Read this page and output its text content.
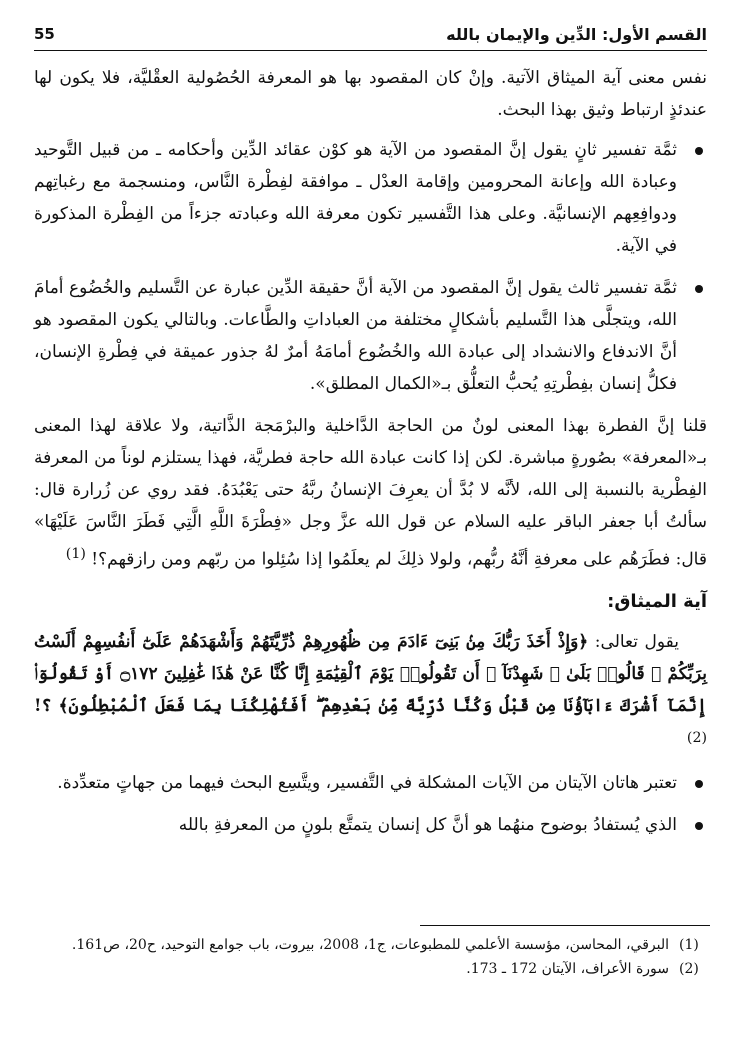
55	القسم الأول: الدِّين والإيمان بالله

نفس معنى آية الميثاق الآتية. وإنْ كان المقصود بها هو المعرفة الحُصُولية العقْليَّة، فلا يكون لها عندئذٍ ارتباط وثيق بهذا البحث.

ثمَّة تفسير ثانٍ يقول إنَّ المقصود من الآية هو كوْن عقائد الدِّين وأحكامه ـ من قبيل التَّوحيد وعبادة الله وإعانة المحرومين وإقامة العدْل ـ موافقة لفِطْرة النَّاس، ومنسجمة مع رغباتِهم ودوافِعِهم الإنسانيَّة. وعلى هذا التَّفسير تكون معرفة الله وعبادته جزءاً من الفِطْرة المذكورة في الآية.
ثمَّة تفسير ثالث يقول إنَّ المقصود من الآية أنَّ حقيقة الدِّين عبارة عن التَّسليم والخُضُوع أمامَ الله، ويتجلَّى هذا التَّسليم بأشكالٍ مختلفة من العباداتِ والطَّاعات. وبالتالي يكون المقصود هو أنَّ الاندفاع والانشداد إلى عبادة الله والخُضُوع أمامَهُ أمرٌ لهُ جذور عميقة في فِطْرةِ الإنسان، فكلُّ إنسان بفِطْرتِهِ يُحبُّ التعلُّق بـ«الكمال المطلق».

قلنا إنَّ الفطرة بهذا المعنى لونٌ من الحاجة الدَّاخلية والبرْمَجة الذَّاتية، ولا علاقة لهذا المعنى بـ«المعرفة» بصُورةٍ مباشرة. لكن إذا كانت عبادة الله حاجة فطريَّة، فهذا يستلزم لوناً من المعرفة الفِطْرية بالنسبة إلى الله، لأنَّه لا بُدَّ أن يعرِفَ الإنسانُ ربَّهُ حتى يَعْبُدَهُ. فقد روي عن زُرارة قال: سألتُ أبا جعفر الباقر عليه السلام عن قول الله عزَّ وجل «فِطْرَةَ اللَّهِ الَّتِي فَطَرَ النَّاسَ عَلَيْهَا» قال: فطَرَهُم على معرفةِ أنَّهُ ربُّهم، ولولا ذلِكَ لم يعلَمُوا إذا سُئِلوا من ربّهم ومن رازقهم؟! $^{(1)}$

آية الميثاق:

يقول تعالى: ﴿وَإِذْ أَخَذَ رَبُّكَ مِنۢ بَنِىٓ ءَادَمَ مِن ظُهُورِهِمْ ذُرِّيَّتَهُمْ وَأَشْهَدَهُمْ عَلَىٰٓ أَنفُسِهِمْ أَلَسْتُ بِرَبِّكُمْ ۖ قَالُوا۟ بَلَىٰ ۛ شَهِدْنَآ ۛ أَن تَقُولُوا۟ يَوْمَ ٱلْقِيَٰمَةِ إِنَّا كُنَّا عَنْ هَٰذَا غَٰفِلِينَ ۝١٧٢ أَوْ تَقُولُوٓا۟ إِنَّمَآ أَشْرَكَ ءَابَآؤُنَا مِن قَبْلُ وَكُنَّا ذُرِّيَّةً مِّنۢ بَعْدِهِمْ ۖ أَفَتُهْلِكُنَا بِمَا فَعَلَ ٱلْمُبْطِلُونَ﴾ ؟! $^{(2)}$

تعتبر هاتان الآيتان من الآيات المشكلة في التَّفسير، ويتَّسِع البحث فيهما من جهاتٍ متعدِّدة.
الذي يُستفادُ بوضوح منهُما هو أنَّ كل إنسان يتمتَّع بلونٍ من المعرفةِ بالله
(1)
البرقي، المحاسن، مؤسسة الأعلمي للمطبوعات، ج1، 2008، بيروت، باب جوامع التوحيد، ح20، ص161.
(2)
سورة الأعراف، الآيتان 172 ـ 173.
